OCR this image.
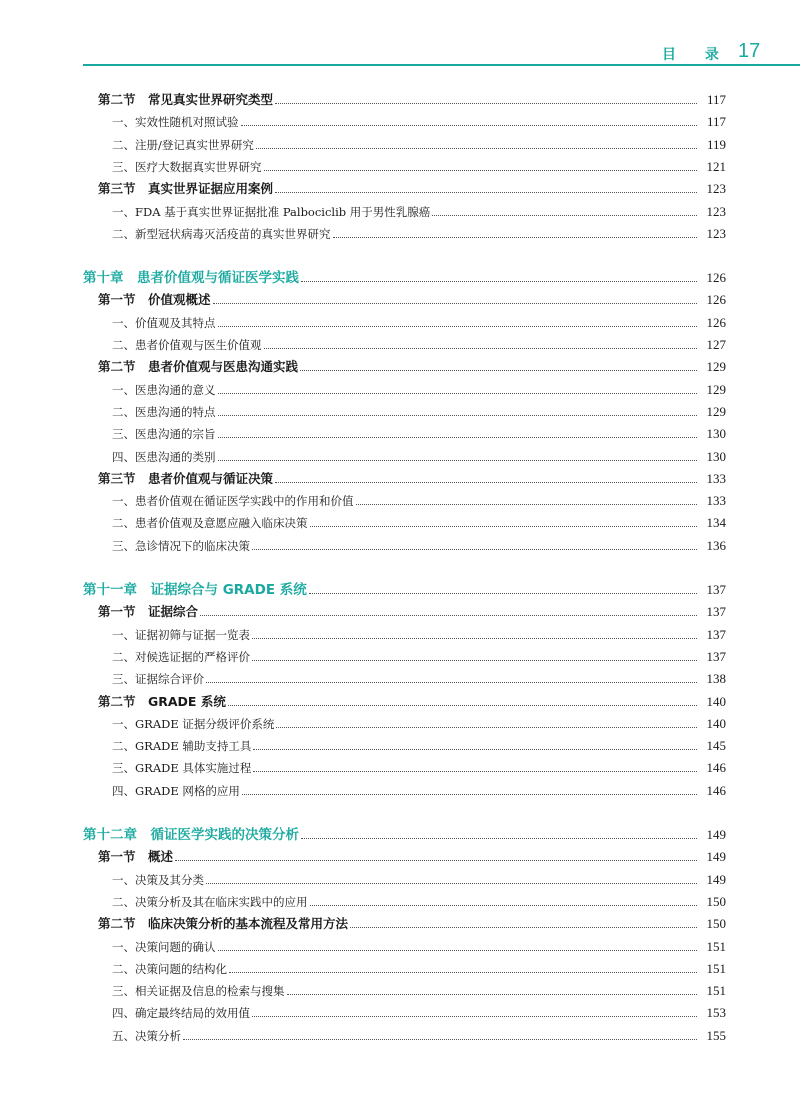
目 录 17
第二节　常见真实世界研究类型	117
一、实效性随机对照试验	117
二、注册/登记真实世界研究	119
三、医疗大数据真实世界研究	121
第三节　真实世界证据应用案例	123
一、FDA 基于真实世界证据批准 Palbociclib 用于男性乳腺癌	123
二、新型冠状病毒灭活疫苗的真实世界研究	123
第十章　患者价值观与循证医学实践	126
第一节　价值观概述	126
一、价值观及其特点	126
二、患者价值观与医生价值观	127
第二节　患者价值观与医患沟通实践	129
一、医患沟通的意义	129
二、医患沟通的特点	129
三、医患沟通的宗旨	130
四、医患沟通的类别	130
第三节　患者价值观与循证决策	133
一、患者价值观在循证医学实践中的作用和价值	133
二、患者价值观及意愿应融入临床决策	134
三、急诊情况下的临床决策	136
第十一章　证据综合与 GRADE 系统	137
第一节　证据综合	137
一、证据初筛与证据一览表	137
二、对候选证据的严格评价	137
三、证据综合评价	138
第二节　GRADE 系统	140
一、GRADE 证据分级评价系统	140
二、GRADE 辅助支持工具	145
三、GRADE 具体实施过程	146
四、GRADE 网格的应用	146
第十二章　循证医学实践的决策分析	149
第一节　概述	149
一、决策及其分类	149
二、决策分析及其在临床实践中的应用	150
第二节　临床决策分析的基本流程及常用方法	150
一、决策问题的确认	151
二、决策问题的结构化	151
三、相关证据及信息的检索与搜集	151
四、确定最终结局的效用值	153
五、决策分析	155
